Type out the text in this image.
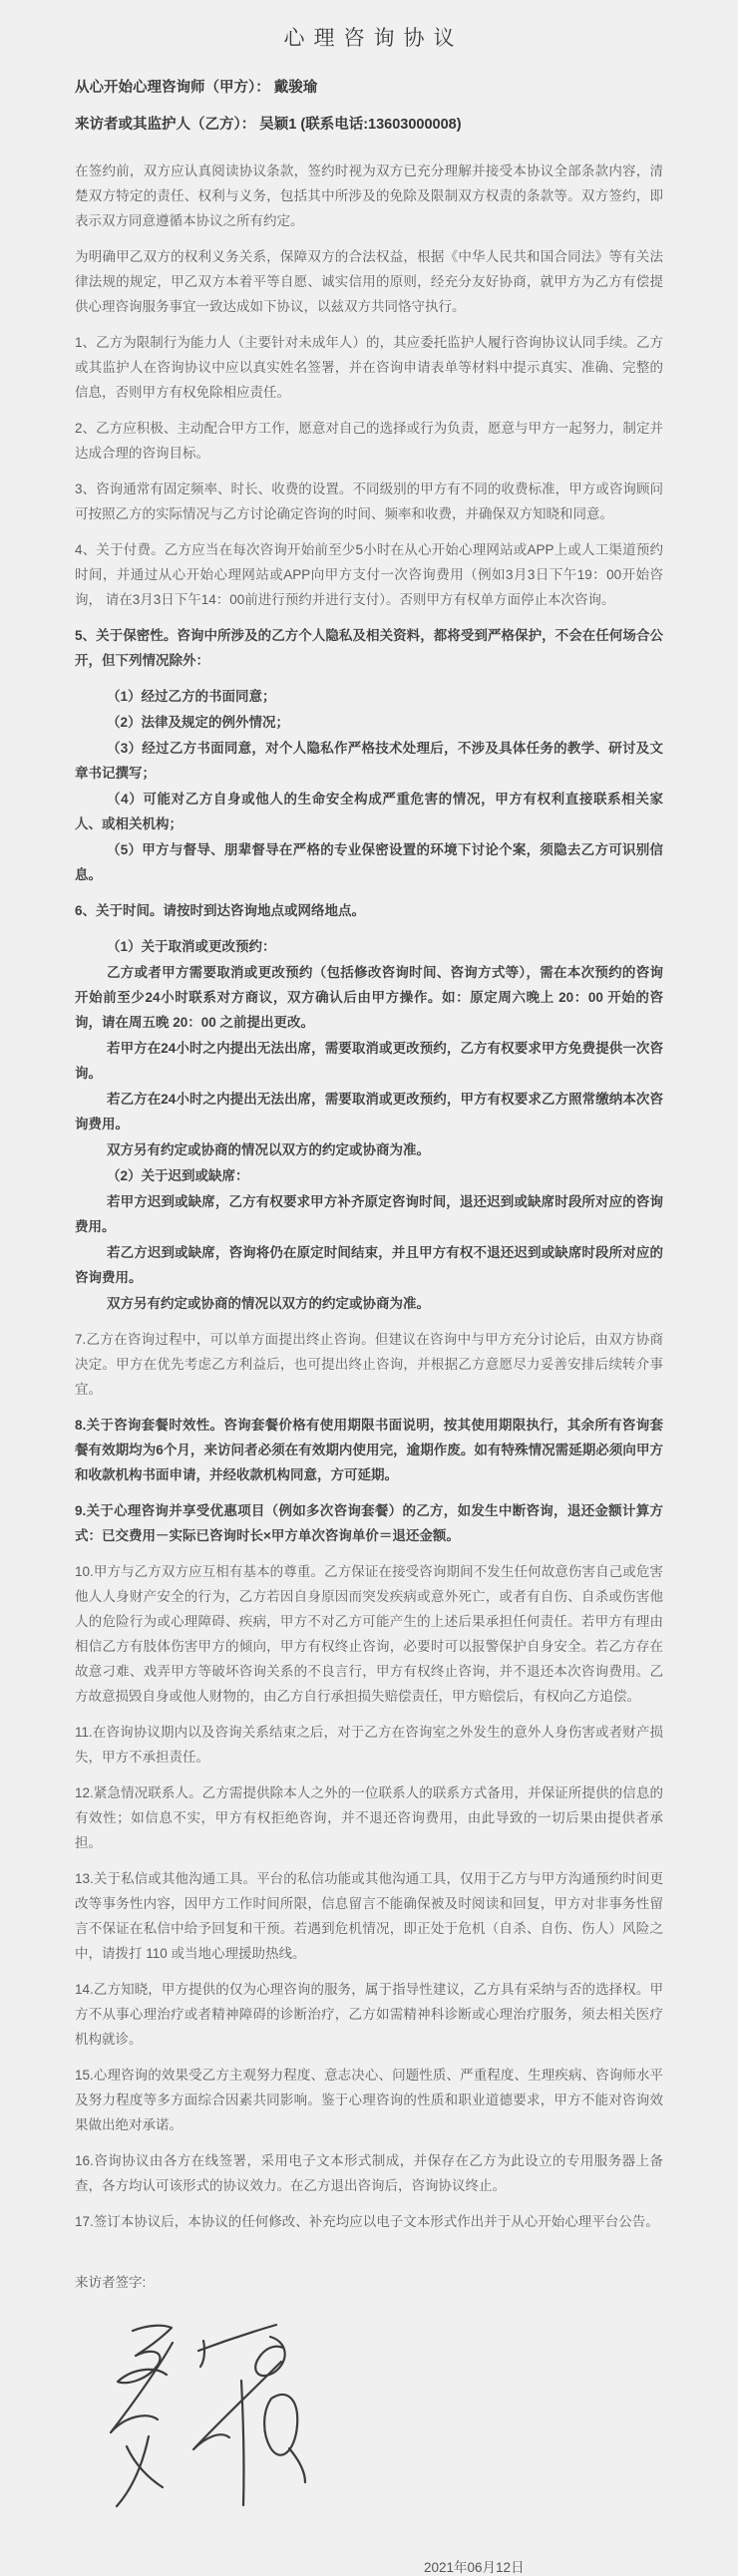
心理咨询协议
从心开始心理咨询师（甲方）： 戴骏瑜
来访者或其监护人（乙方）： 吴颖1 (联系电话:13603000008)
在签约前，双方应认真阅读协议条款，签约时视为双方已充分理解并接受本协议全部条款内容，清楚双方特定的责任、权利与义务，包括其中所涉及的免除及限制双方权责的条款等。双方签约，即表示双方同意遵循本协议之所有约定。
为明确甲乙双方的权利义务关系，保障双方的合法权益，根据《中华人民共和国合同法》等有关法律法规的规定，甲乙双方本着平等自愿、诚实信用的原则，经充分友好协商，就甲方为乙方有偿提供心理咨询服务事宜一致达成如下协议，以兹双方共同恪守执行。
1、乙方为限制行为能力人（主要针对未成年人）的，其应委托监护人履行咨询协议认同手续。乙方或其监护人在咨询协议中应以真实姓名签署，并在咨询申请表单等材料中提示真实、准确、完整的信息，否则甲方有权免除相应责任。
2、乙方应积极、主动配合甲方工作，愿意对自己的选择或行为负责，愿意与甲方一起努力，制定并达成合理的咨询目标。
3、咨询通常有固定频率、时长、收费的设置。不同级别的甲方有不同的收费标准，甲方或咨询顾问可按照乙方的实际情况与乙方讨论确定咨询的时间、频率和收费，并确保双方知晓和同意。
4、关于付费。乙方应当在每次咨询开始前至少5小时在从心开始心理网站或APP上或人工渠道预约时间，并通过从心开始心理网站或APP向甲方支付一次咨询费用（例如3月3日下午19：00开始咨询， 请在3月3日下午14：00前进行预约并进行支付）。否则甲方有权单方面停止本次咨询。
5、关于保密性。咨询中所涉及的乙方个人隐私及相关资料，都将受到严格保护，不会在任何场合公开，但下列情况除外：
（1）经过乙方的书面同意；
（2）法律及规定的例外情况；
（3）经过乙方书面同意，对个人隐私作严格技术处理后，不涉及具体任务的教学、研讨及文章书记撰写；
（4）可能对乙方自身或他人的生命安全构成严重危害的情况，甲方有权利直接联系相关家人、或相关机构；
（5）甲方与督导、朋辈督导在严格的专业保密设置的环境下讨论个案，须隐去乙方可识别信息。
6、关于时间。请按时到达咨询地点或网络地点。
（1）关于取消或更改预约：
乙方或者甲方需要取消或更改预约（包括修改咨询时间、咨询方式等），需在本次预约的咨询开始前至少24小时联系对方商议，双方确认后由甲方操作。如：原定周六晚上 20：00 开始的咨询，请在周五晚 20：00 之前提出更改。
若甲方在24小时之内提出无法出席，需要取消或更改预约，乙方有权要求甲方免费提供一次咨询。
若乙方在24小时之内提出无法出席，需要取消或更改预约，甲方有权要求乙方照常缴纳本次咨询费用。
双方另有约定或协商的情况以双方的约定或协商为准。
（2）关于迟到或缺席：
若甲方迟到或缺席，乙方有权要求甲方补齐原定咨询时间，退还迟到或缺席时段所对应的咨询费用。
若乙方迟到或缺席，咨询将仍在原定时间结束，并且甲方有权不退还迟到或缺席时段所对应的咨询费用。
双方另有约定或协商的情况以双方的约定或协商为准。
7.乙方在咨询过程中，可以单方面提出终止咨询。但建议在咨询中与甲方充分讨论后，由双方协商决定。甲方在优先考虑乙方利益后，也可提出终止咨询，并根据乙方意愿尽力妥善安排后续转介事宜。
8.关于咨询套餐时效性。咨询套餐价格有使用期限书面说明，按其使用期限执行，其余所有咨询套餐有效期均为6个月，来访问者必须在有效期内使用完，逾期作废。如有特殊情况需延期必须向甲方和收款机构书面申请，并经收款机构同意，方可延期。
9.关于心理咨询并享受优惠项目（例如多次咨询套餐）的乙方，如发生中断咨询，退还金额计算方式：已交费用－实际已咨询时长×甲方单次咨询单价＝退还金额。
10.甲方与乙方双方应互相有基本的尊重。乙方保证在接受咨询期间不发生任何故意伤害自己或危害他人人身财产安全的行为，乙方若因自身原因而突发疾病或意外死亡，或者有自伤、自杀或伤害他人的危险行为或心理障碍、疾病，甲方不对乙方可能产生的上述后果承担任何责任。若甲方有理由相信乙方有肢体伤害甲方的倾向，甲方有权终止咨询，必要时可以报警保护自身安全。若乙方存在故意刁难、戏弄甲方等破坏咨询关系的不良言行，甲方有权终止咨询，并不退还本次咨询费用。乙方故意损毁自身或他人财物的，由乙方自行承担损失赔偿责任，甲方赔偿后，有权向乙方追偿。
11.在咨询协议期内以及咨询关系结束之后，对于乙方在咨询室之外发生的意外人身伤害或者财产损失，甲方不承担责任。
12.紧急情况联系人。乙方需提供除本人之外的一位联系人的联系方式备用，并保证所提供的信息的有效性；如信息不实，甲方有权拒绝咨询，并不退还咨询费用，由此导致的一切后果由提供者承担。
13.关于私信或其他沟通工具。平台的私信功能或其他沟通工具，仅用于乙方与甲方沟通预约时间更改等事务性内容，因甲方工作时间所限，信息留言不能确保被及时阅读和回复，甲方对非事务性留言不保证在私信中给予回复和干预。若遇到危机情况，即正处于危机（自杀、自伤、伤人）风险之中，请拨打 110 或当地心理援助热线。
14.乙方知晓，甲方提供的仅为心理咨询的服务，属于指导性建议，乙方具有采纳与否的选择权。甲方不从事心理治疗或者精神障碍的诊断治疗，乙方如需精神科诊断或心理治疗服务，须去相关医疗机构就诊。
15.心理咨询的效果受乙方主观努力程度、意志决心、问题性质、严重程度、生理疾病、咨询师水平及努力程度等多方面综合因素共同影响。鉴于心理咨询的性质和职业道德要求，甲方不能对咨询效果做出绝对承诺。
16.咨询协议由各方在线签署，采用电子文本形式制成，并保存在乙方为此设立的专用服务器上备查，各方均认可该形式的协议效力。在乙方退出咨询后，咨询协议终止。
17.签订本协议后，本协议的任何修改、补充均应以电子文本形式作出并于从心开始心理平台公告。
来访者签字:
2021年06月12日
